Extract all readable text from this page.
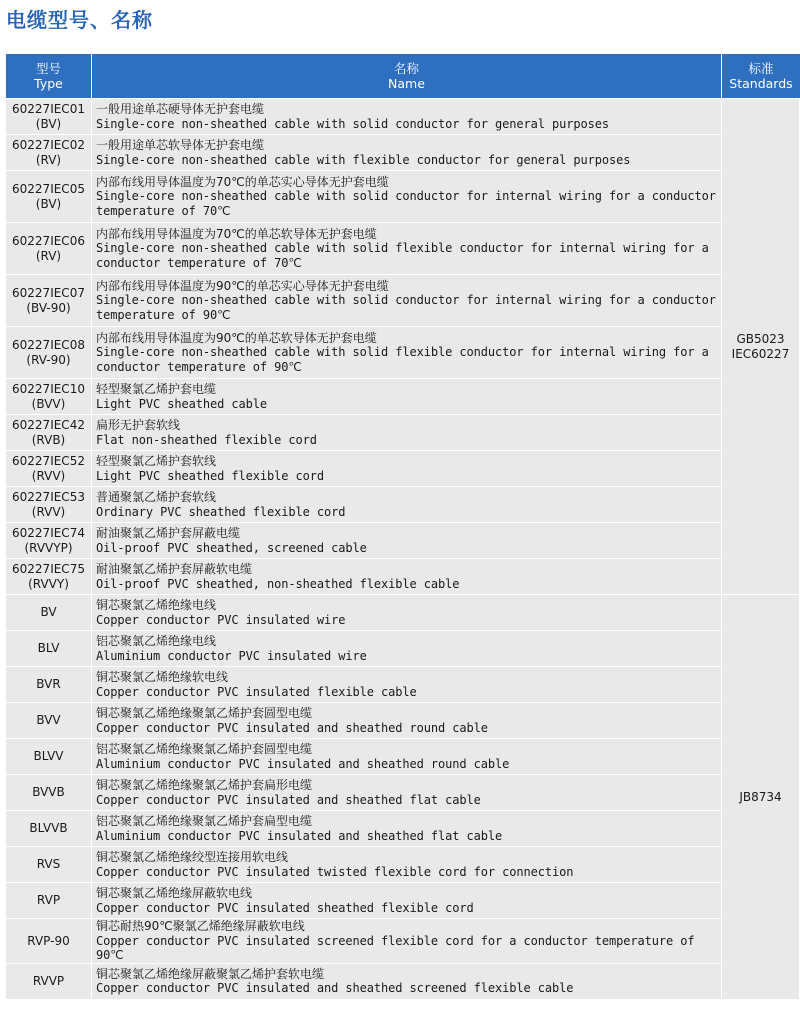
电缆型号、名称
型号
Type	名称
Name	标准
Standards

60227IEC01
(BV)	一般用途单芯硬导体无护套电缆
Single-core non-sheathed cable with solid conductor for general purposes	GB5023
IEC60227

60227IEC02
(RV)	一般用途单芯软导体无护套电缆
Single-core non-sheathed cable with flexible conductor for general purposes	

60227IEC05
(BV)	内部布线用导体温度为70℃的单芯实心导体无护套电缆
Single-core non-sheathed cable with solid conductor for internal wiring for a conductor temperature of 70℃	

60227IEC06
(RV)	内部布线用导体温度为70℃的单芯软导体无护套电缆
Single-core non-sheathed cable with solid flexible conductor for internal wiring for a conductor temperature of 70℃	

60227IEC07
(BV-90)	内部布线用导体温度为90℃的单芯实心导体无护套电缆
Single-core non-sheathed cable with solid conductor for internal wiring for a conductor temperature of 90℃	

60227IEC08
(RV-90)	内部布线用导体温度为90℃的单芯软导体无护套电缆
Single-core non-sheathed cable with solid flexible conductor for internal wiring for a conductor temperature of 90℃	

60227IEC10
(BVV)	轻型聚氯乙烯护套电缆
Light PVC sheathed cable	

60227IEC42
(RVB)	扁形无护套软线
Flat non-sheathed flexible cord	

60227IEC52
(RVV)	轻型聚氯乙烯护套软线
Light PVC sheathed flexible cord	

60227IEC53
(RVV)	普通聚氯乙烯护套软线
Ordinary PVC sheathed flexible cord	

60227IEC74
(RVVYP)	耐油聚氯乙烯护套屏蔽电缆
Oil-proof PVC sheathed, screened cable	

60227IEC75
(RVVY)	耐油聚氯乙烯护套屏蔽软电缆
Oil-proof PVC sheathed, non-sheathed flexible cable	

BV	铜芯聚氯乙烯绝缘电线
Copper conductor PVC insulated wire	JB8734

BLV	铝芯聚氯乙烯绝缘电线
Aluminium conductor PVC insulated wire	

BVR	铜芯聚氯乙烯绝缘软电线
Copper conductor PVC insulated flexible cable	

BVV	铜芯聚氯乙烯绝缘聚氯乙烯护套圆型电缆
Copper conductor PVC insulated and sheathed round cable	

BLVV	铝芯聚氯乙烯绝缘聚氯乙烯护套圆型电缆
Aluminium conductor PVC insulated and sheathed round cable	

BVVB	铜芯聚氯乙烯绝缘聚氯乙烯护套扁形电缆
Copper conductor PVC insulated and sheathed flat cable	

BLVVB	铝芯聚氯乙烯绝缘聚氯乙烯护套扁型电缆
Aluminium conductor PVC insulated and sheathed flat cable	

RVS	铜芯聚氯乙烯绝缘绞型连接用软电线
Copper conductor PVC insulated twisted flexible cord for connection	

RVP	铜芯聚氯乙烯绝缘屏蔽软电线
Copper conductor PVC insulated sheathed flexible cord	

RVP-90	铜芯耐热90℃聚氯乙烯绝缘屏蔽软电线
Copper conductor PVC insulated screened flexible cord for a conductor temperature of 90℃	

RVVP	铜芯聚氯乙烯绝缘屏蔽聚氯乙烯护套软电缆
Copper conductor PVC insulated and sheathed screened flexible cable	
